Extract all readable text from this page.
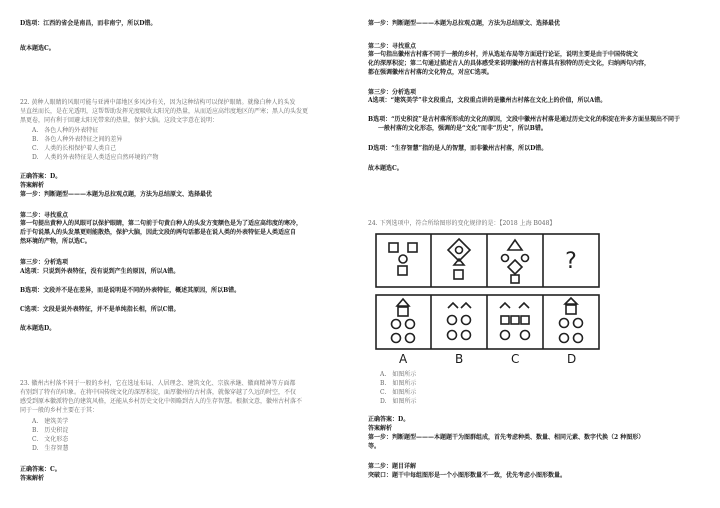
D选项：江西的省会是南昌，而非南宁，所以D错。
故本题选C。
22. 黄种人眼睛的风眼可能与亚洲中部地区多风沙有关，因为这种结构可以保护眼睛。就像白种人的头发
呈直丝而长，是在光透明，这帮帮助发挥光度吸收太阳光的热量，从而适应高纬度地区的严寒；黑人的头发更
黑更卷，同有利于回避太阳光带来的热量，保护大脑。这段文字意在说明：
A.　各色人种的外表特征
B.　各色人种外表特征之间的差异
C.　人类的长相保护着人类自己
D.　人类的外表特征是人类适应自然环境的产物
正确答案：D。
答案解析
第一步：判断题型———本题为总拉观点题，方法为总结原文、选择最优
第二步：寻找重点
第一句提出黄种人的风眼可以保护眼睛，第二句前于句黄白种人的头发方变额色是为了适应高纬度的寒冷，
后于句说黑人的头发黑更则能散热，保护大脑，因此文段的两句话都是在说人类的外表特征是人类适应自
然环境的产物，所以选C。
第三步：分析选项
A选项：只说到外表特征，没有说到产生的原因，所以A错。
B选项：文段并不是在差异，而是说明是不同的外表特征，概述其原因，所以B错。
C选项：文段是说外表特征，并不是单纯指长相，所以C错。
故本题选D。
23. 徽州古村落不同于一般的乡村，它在选址布局、人居理念、建筑文化、宗族承継、徽商精神等方面都
有别到了特有的印象。在将中国传统文化的深厚积淀，面厚徽州的古村落，就像穿越了久远的时空，不仅
感受到原本徽派特色的建筑风格，还能从乡村历史文化中领略到古人的生存智慧。根据文意，徽州古村落不
同于一般的乡村主要在于其：
A.　建筑美学
B.　历史积淀
C.　文化形态
D.　生存智慧
正确答案：C。
答案解析
第一步：判断题型———本题为总拉观点题，方法为总结原文、选择最优
第二步：寻找重点
第一句指出徽州古村落不同于一般的乡村，并从选址布局等方面进行论证，说明主要是由于中国传统文
化的深厚积淀；第二句通过描述古人的具体感受来说明徽州的古村落具有独特的历史文化，归纳两句内容，
都在强调徽州古村落的文化特点，对应C选项。
第三步：分析选项
A选项：“建筑美学”非文段重点，文段重点讲的是徽州古村落在文化上的价值，所以A错。
B选项：“历史积淀”是古村落所形成的文化的原因，文段中徽州古村落是通过历史文化的积淀在许多方面呈现出不同于
一般村落的文化形态，强调的是“文化”而非“历史”，所以B错。
D选项：“生存智慧”指的是人的智慧，而非徽州古村落，所以D错。
故本题选C。
24. 下列选项中，符合所给图形的变化规律的是：【2018 上海 B048】
?
A	B	C	D
A.　如图所示
B.　如图所示
C.　如图所示
D.　如图所示
正确答案：D。
答案解析
第一步：判断题型———本题题干为图群组成，首先考虑种类、数量、相同元素、数字代换（2 种图形）
等。
第二步：题目详解
突破口：题干中每组图形是一个小图形数量不一致，优先考虑小图形数量。
